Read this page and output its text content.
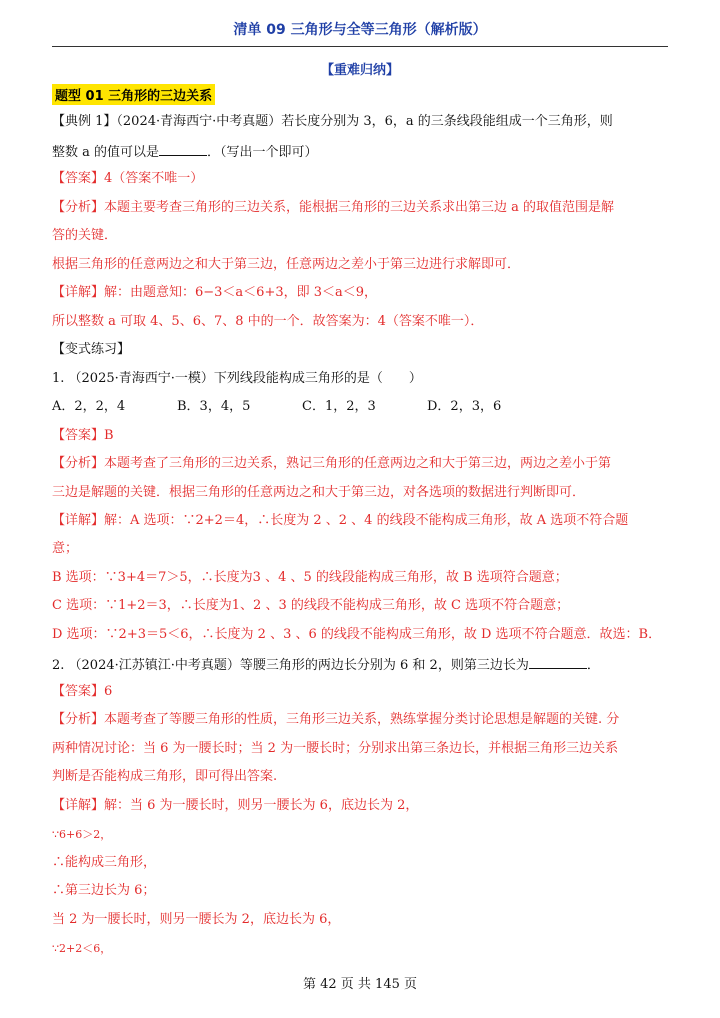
清单 09 三角形与全等三角形（解析版）
【重难归纳】
题型 01 三角形的三边关系
【典例 1】（2024·青海西宁·中考真题）若长度分别为 3，6，a 的三条线段能组成一个三角形，则
整数 a 的值可以是	．（写出一个即可）
【答案】4（答案不唯一）
【分析】本题主要考查三角形的三边关系，能根据三角形的三边关系求出第三边 a 的取值范围是解
答的关键．
根据三角形的任意两边之和大于第三边，任意两边之差小于第三边进行求解即可．
【详解】解：由题意知：6−3＜a＜6+3，即 3＜a＜9，
所以整数 a 可取 4、5、6、7、8 中的一个．故答案为：4（答案不唯一）．
【变式练习】
1. （2025·青海西宁·一模）下列线段能构成三角形的是（　　）
A．2，2，4	B．3，4，5	C．1，2，3	D．2，3，6
【答案】B
【分析】本题考查了三角形的三边关系，熟记三角形的任意两边之和大于第三边，两边之差小于第
三边是解题的关键．根据三角形的任意两边之和大于第三边，对各选项的数据进行判断即可．
【详解】解：A 选项：∵2+2＝4，∴长度为 2 、2 、4 的线段不能构成三角形，故 A 选项不符合题
意；
B 选项：∵3+4＝7＞5，∴长度为3 、4 、5 的线段能构成三角形，故 B 选项符合题意；
C 选项：∵1+2＝3，∴长度为1、2 、3 的线段不能构成三角形，故 C 选项不符合题意；
D 选项：∵2+3＝5＜6，∴长度为 2 、3 、6 的线段不能构成三角形，故 D 选项不符合题意．故选：B．
2. （2024·江苏镇江·中考真题）等腰三角形的两边长分别为 6 和 2，则第三边长为	．
【答案】6
【分析】本题考查了等腰三角形的性质，三角形三边关系，熟练掌握分类讨论思想是解题的关键. 分
两种情况讨论：当 6 为一腰长时；当 2 为一腰长时；分别求出第三条边长，并根据三角形三边关系
判断是否能构成三角形，即可得出答案.
【详解】解：当 6 为一腰长时，则另一腰长为 6，底边长为 2，
∵6+6＞2，
∴能构成三角形，
∴第三边长为 6；
当 2 为一腰长时，则另一腰长为 2，底边长为 6，
∵2+2＜6，
第 42 页 共 145 页
